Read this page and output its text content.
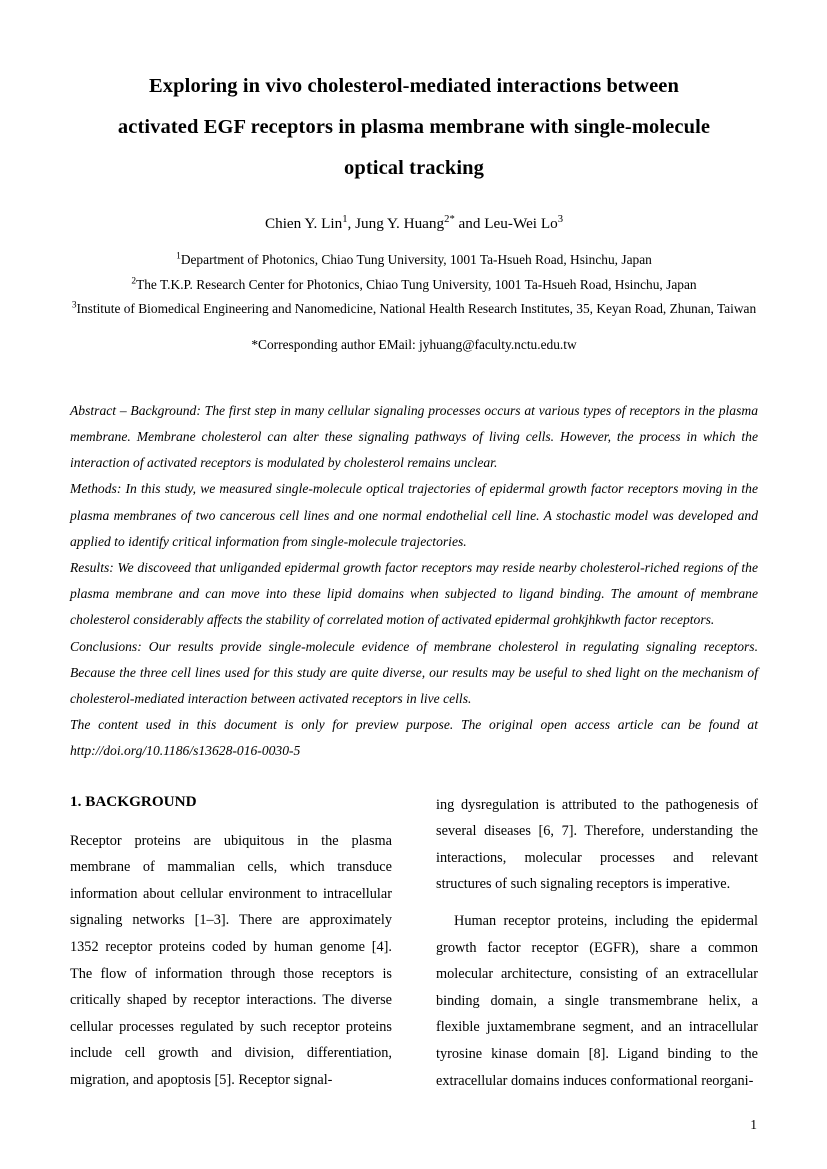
Exploring in vivo cholesterol-mediated interactions between
activated EGF receptors in plasma membrane with single-molecule
optical tracking
Chien Y. Lin$^1$, Jung Y. Huang$^{2*}$ and Leu-Wei Lo$^3$
$^1$Department of Photonics, Chiao Tung University, 1001 Ta-Hsueh Road, Hsinchu, Japan
$^2$The T.K.P. Research Center for Photonics, Chiao Tung University, 1001 Ta-Hsueh Road, Hsinchu, Japan
$^3$Institute of Biomedical Engineering and Nanomedicine, National Health Research Institutes, 35, Keyan Road, Zhunan, Taiwan
*Corresponding author EMail: jyhuang@faculty.nctu.edu.tw

Abstract – Background: The first step in many cellular signaling processes occurs at various types of receptors in the plasma membrane. Membrane cholesterol can alter these signaling pathways of living cells. However, the process in which the interaction of activated receptors is modulated by cholesterol remains unclear.

Methods: In this study, we measured single-molecule optical trajectories of epidermal growth factor receptors moving in the plasma membranes of two cancerous cell lines and one normal endothelial cell line. A stochastic model was developed and applied to identify critical information from single-molecule trajectories.

Results: We discoveed that unliganded epidermal growth factor receptors may reside nearby cholesterol-riched regions of the plasma membrane and can move into these lipid domains when subjected to ligand binding. The amount of membrane cholesterol considerably affects the stability of correlated motion of activated epidermal grohkjhkwth factor receptors.

Conclusions: Our results provide single-molecule evidence of membrane cholesterol in regulating signaling receptors. Because the three cell lines used for this study are quite diverse, our results may be useful to shed light on the mechanism of cholesterol-mediated interaction between activated receptors in live cells.

The content used in this document is only for preview purpose. The original open access article can be found at http://doi.org/10.1186/s13628-016-0030-5

1. BACKGROUND

Receptor proteins are ubiquitous in the plasma membrane of mammalian cells, which transduce information about cellular environment to intracellular signaling networks [1–3]. There are approximately 1352 receptor proteins coded by human genome [4]. The flow of information through those receptors is critically shaped by receptor interactions. The diverse cellular processes regulated by such receptor proteins include cell growth and division, differentiation, migration, and apoptosis [5]. Receptor signal-

ing dysregulation is attributed to the pathogenesis of several diseases [6, 7]. Therefore, understanding the interactions, molecular processes and relevant structures of such signaling receptors is imperative.

Human receptor proteins, including the epidermal growth factor receptor (EGFR), share a common molecular architecture, consisting of an extracellular binding domain, a single transmembrane helix, a flexible juxtamembrane segment, and an intracellular tyrosine kinase domain [8]. Ligand binding to the extracellular domains induces conformational reorgani-

1
